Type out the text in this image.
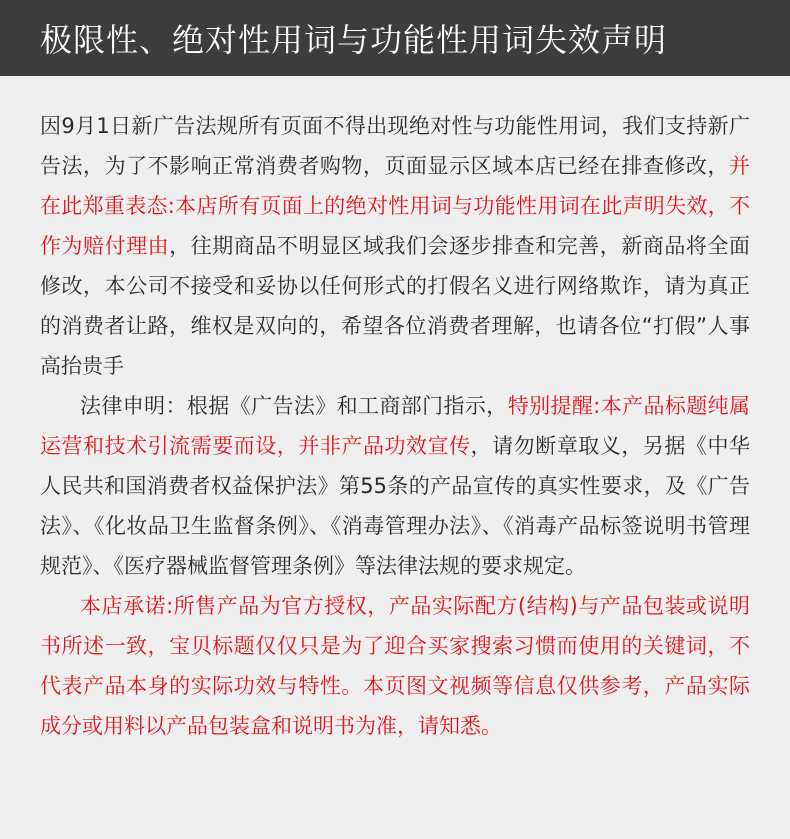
极限性、绝对性用词与功能性用词失效声明

因9月1日新广告法规所有页面不得出现绝对性与功能性用词，我们支持新广告法，为了不影响正常消费者购物，页面显示区域本店已经在排查修改，并在此郑重表态:本店所有页面上的绝对性用词与功能性用词在此声明失效，不作为赔付理由，往期商品不明显区域我们会逐步排查和完善，新商品将全面修改，本公司不接受和妥协以任何形式的打假名义进行网络欺诈，请为真正的消费者让路，维权是双向的，希望各位消费者理解，也请各位“打假”人事高抬贵手

法律申明：根据《广告法》和工商部门指示，特别提醒:本产品标题纯属运营和技术引流需要而设，并非产品功效宣传，请勿断章取义，另据《中华人民共和国消费者权益保护法》第55条的产品宣传的真实性要求，及《广告法》、《化妆品卫生监督条例》、《消毒管理办法》、《消毒产品标签说明书管理规范》、《医疗器械监督管理条例》等法律法规的要求规定。

本店承诺:所售产品为官方授权，产品实际配方(结构)与产品包装或说明书所述一致，宝贝标题仅仅只是为了迎合买家搜索习惯而使用的关键词，不代表产品本身的实际功效与特性。本页图文视频等信息仅供参考，产品实际成分或用料以产品包装盒和说明书为准，请知悉。
